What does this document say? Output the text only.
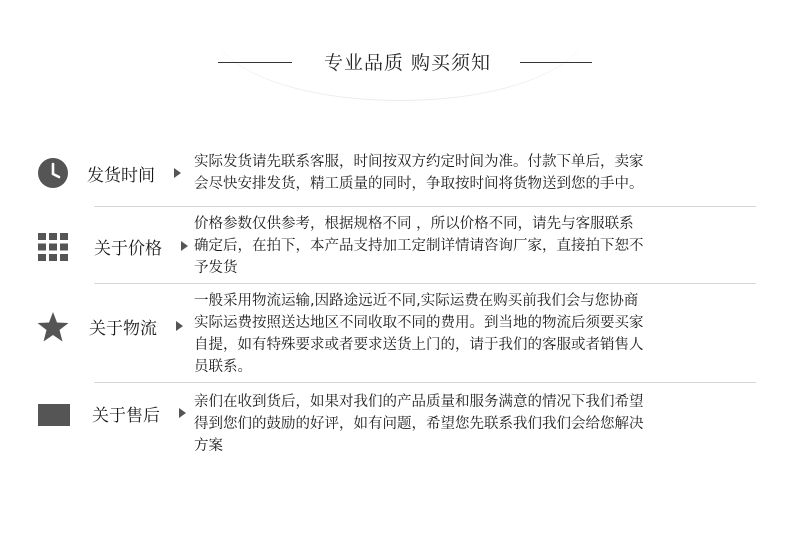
专业品质 购买须知
发货时间
实际发货请先联系客服，时间按双方约定时间为准。付款下单后，卖家
会尽快安排发货，精工质量的同时，争取按时间将货物送到您的手中。
关于价格
价格参数仅供参考，根据规格不同 ，所以价格不同，请先与客服联系
确定后，在拍下，本产品支持加工定制详情请咨询厂家，直接拍下恕不
予发货
关于物流
一般采用物流运输,因路途远近不同,实际运费在购买前我们会与您协商
实际运费按照送达地区不同收取不同的费用。到当地的物流后须要买家
自提，如有特殊要求或者要求送货上门的，请于我们的客服或者销售人
员联系。
关于售后
亲们在收到货后，如果对我们的产品质量和服务满意的情况下我们希望
得到您们的鼓励的好评，如有问题，希望您先联系我们我们会给您解决
方案
